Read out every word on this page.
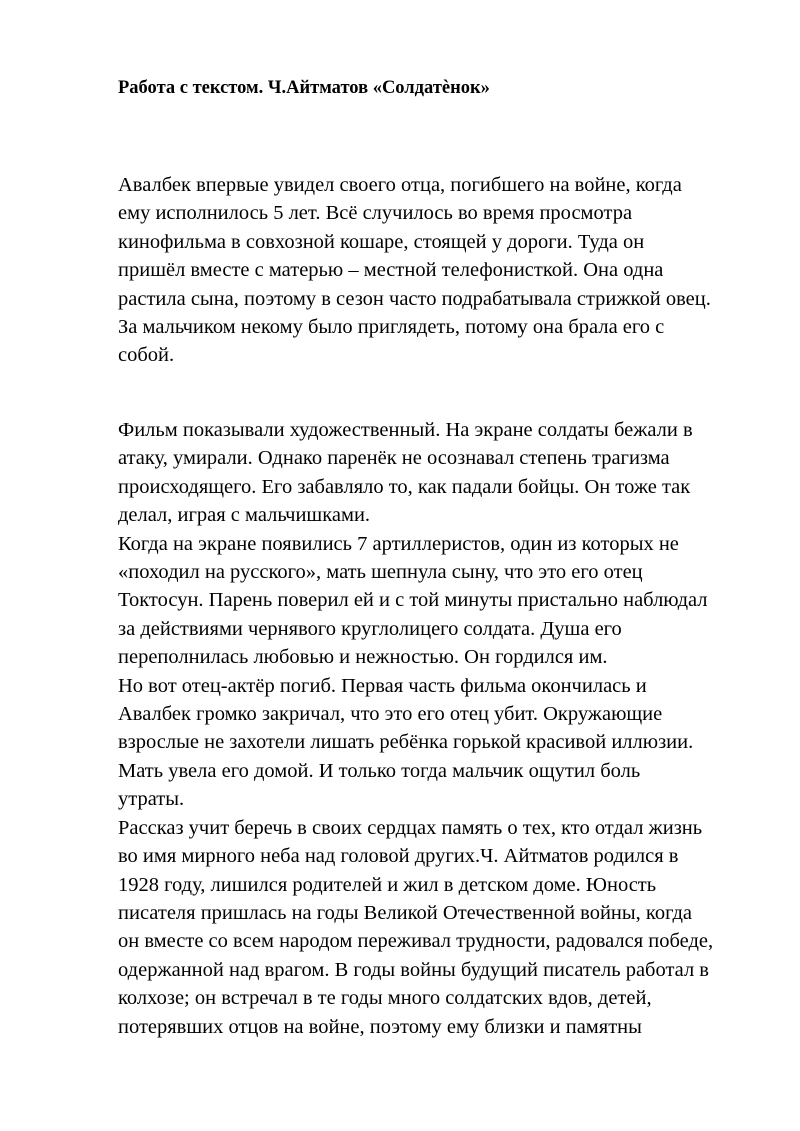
Работа с текстом. Ч.Айтматов «Солдатѐнок»

Авалбек впервые увидел своего отца, погибшего на войне, когда
ему исполнилось 5 лет. Всё случилось во время просмотра
кинофильма в совхозной кошаре, стоящей у дороги. Туда он
пришёл вместе с матерью – местной телефонисткой. Она одна
растила сына, поэтому в сезон часто подрабатывала стрижкой овец.
За мальчиком некому было приглядеть, потому она брала его с
собой.

Фильм показывали художественный. На экране солдаты бежали в
атаку, умирали. Однако паренёк не осознавал степень трагизма
происходящего. Его забавляло то, как падали бойцы. Он тоже так
делал, играя с мальчишками.
Когда на экране появились 7 артиллеристов, один из которых не
«походил на русского», мать шепнула сыну, что это его отец
Токтосун. Парень поверил ей и с той минуты пристально наблюдал
за действиями чернявого круглолицего солдата. Душа его
переполнилась любовью и нежностью. Он гордился им.
Но вот отец-актёр погиб. Первая часть фильма окончилась и
Авалбек громко закричал, что это его отец убит. Окружающие
взрослые не захотели лишать ребёнка горькой красивой иллюзии.
Мать увела его домой. И только тогда мальчик ощутил боль
утраты.
Рассказ учит беречь в своих сердцах память о тех, кто отдал жизнь
во имя мирного неба над головой других.Ч. Айтматов родился в
1928 году, лишился родителей и жил в детском доме. Юность
писателя пришлась на годы Великой Отечественной войны, когда
он вместе со всем народом переживал трудности, радовался победе,
одержанной над врагом. В годы войны будущий писатель работал в
колхозе; он встречал в те годы много солдатских вдов, детей,
потерявших отцов на войне, поэтому ему близки и памятны
